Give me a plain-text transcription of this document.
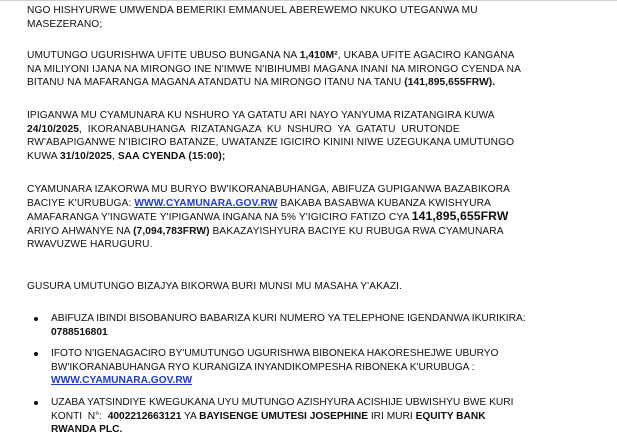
NGO HISHYURWE UMWENDA BEMERIKI EMMANUEL ABEREWEMO NKUKO UTEGANWA MU
MASEZERANO;
UMUTUNGO UGURISHWA UFITE UBUSO BUNGANA NA 1,410M², UKABA UFITE AGACIRO KANGANA
NA MILIYONI IJANA NA MIRONGO INE N'IMWE N'IBIHUMBI MAGANA INANI NA MIRONGO CYENDA NA
BITANU NA MAFARANGA MAGANA ATANDATU NA MIRONGO ITANU NA TANU (141,895,655FRW).
IPIGANWA MU CYAMUNARA KU NSHURO YA GATATU ARI NAYO YANYUMA RIZATANGIRA KUWA
24/10/2025,  IKORANABUHANGA  RIZATANGAZA  KU  NSHURO  YA  GATATU  URUTONDE
RW'ABAPIGANWE N'IBICIRO BATANZE, UWATANZE IGICIRO KININI NIWE UZEGUKANA UMUTUNGO
KUWA 31/10/2025, SAA CYENDA (15:00);
CYAMUNARA IZAKORWA MU BURYO BW'IKORANABUHANGA, ABIFUZA GUPIGANWA BAZABIKORA
BACIYE K'URUBUGA: WWW.CYAMUNARA.GOV.RW BAKABA BASABWA KUBANZA KWISHYURA
AMAFARANGA Y'INGWATE Y'IPIGANWA INGANA NA 5% Y'IGICIRO FATIZO CYA 141,895,655FRW
ARIYO AHWANYE NA (7,094,783FRW) BAKAZAYISHYURA BACIYE KU RUBUGA RWA CYAMUNARA
RWAVUZWE HARUGURU.
GUSURA UMUTUNGO BIZAJYA BIKORWA BURI MUNSI MU MASAHA Y'AKAZI.
ABIFUZA IBINDI BISOBANURO BABARIZA KURI NUMERO YA TELEPHONE IGENDANWA IKURIKIRA:
0788516801
IFOTO N'IGENAGACIRO BY'UMUTUNGO UGURISHWA BIBONEKA HAKORESHEJWE UBURYO
BW'IKORANABUHANGA RYO KURANGIZA INYANDIKOMPESHA RIBONEKA K'URUBUGA :
WWW.CYAMUNARA.GOV.RW
UZABA YATSINDIYE KWEGUKANA UYU MUTUNGO AZISHYURA ACISHIJE UBWISHYU BWE KURI
KONTI  N°:  4002212663121 YA BAYISENGE UMUTESI JOSEPHINE IRI MURI EQUITY BANK
RWANDA PLC.
